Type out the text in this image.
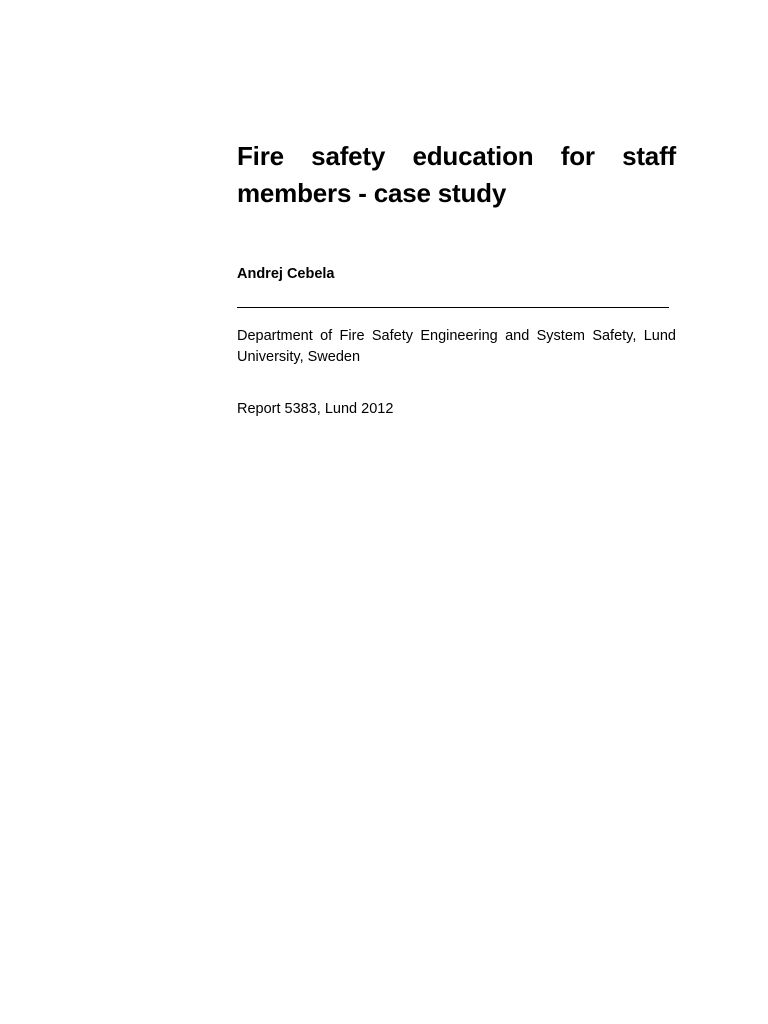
Fire safety education for staff members - case study

Andrej Cebela

Department of Fire Safety Engineering and System Safety, Lund University, Sweden

Report 5383, Lund 2012
